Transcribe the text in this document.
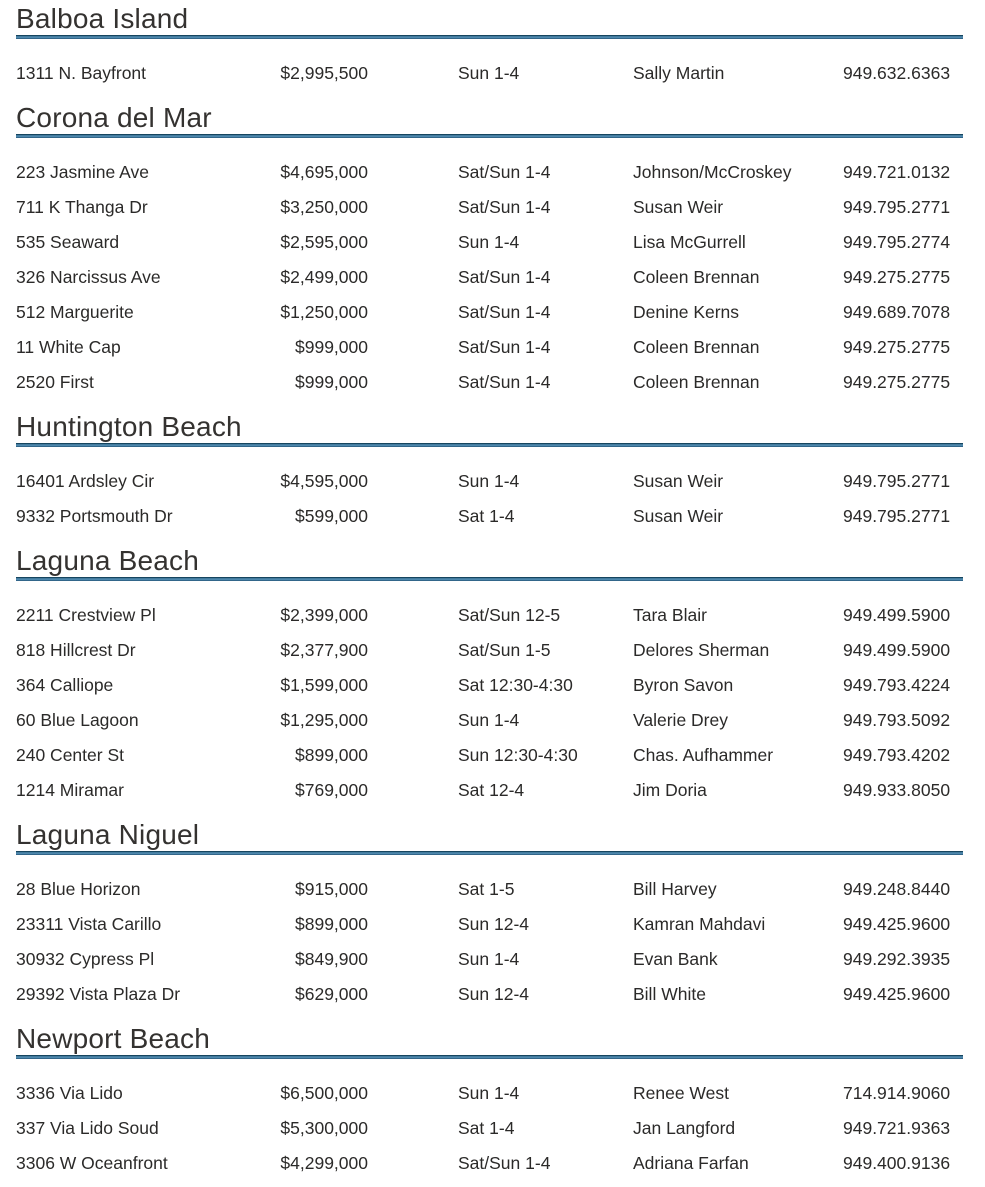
Balboa Island
1311 N. Bayfront	$2,995,500	Sun 1-4	Sally Martin	949.632.6363
Corona del Mar
223 Jasmine Ave	$4,695,000	Sat/Sun 1-4	Johnson/McCroskey	949.721.0132
711 K Thanga Dr	$3,250,000	Sat/Sun 1-4	Susan Weir	949.795.2771
535 Seaward	$2,595,000	Sun 1-4	Lisa McGurrell	949.795.2774
326 Narcissus Ave	$2,499,000	Sat/Sun 1-4	Coleen Brennan	949.275.2775
512 Marguerite	$1,250,000	Sat/Sun 1-4	Denine Kerns	949.689.7078
11 White Cap	$999,000	Sat/Sun 1-4	Coleen Brennan	949.275.2775
2520 First	$999,000	Sat/Sun 1-4	Coleen Brennan	949.275.2775
Huntington Beach
16401 Ardsley Cir	$4,595,000	Sun 1-4	Susan Weir	949.795.2771
9332 Portsmouth Dr	$599,000	Sat 1-4	Susan Weir	949.795.2771
Laguna Beach
2211 Crestview Pl	$2,399,000	Sat/Sun 12-5	Tara Blair	949.499.5900
818 Hillcrest Dr	$2,377,900	Sat/Sun 1-5	Delores Sherman	949.499.5900
364 Calliope	$1,599,000	Sat 12:30-4:30	Byron Savon	949.793.4224
60 Blue Lagoon	$1,295,000	Sun 1-4	Valerie Drey	949.793.5092
240 Center St	$899,000	Sun 12:30-4:30	Chas. Aufhammer	949.793.4202
1214 Miramar	$769,000	Sat 12-4	Jim Doria	949.933.8050
Laguna Niguel
28 Blue Horizon	$915,000	Sat 1-5	Bill Harvey	949.248.8440
23311 Vista Carillo	$899,000	Sun 12-4	Kamran Mahdavi	949.425.9600
30932 Cypress Pl	$849,900	Sun 1-4	Evan Bank	949.292.3935
29392 Vista Plaza Dr	$629,000	Sun 12-4	Bill White	949.425.9600
Newport Beach
3336 Via Lido	$6,500,000	Sun 1-4	Renee West	714.914.9060
337 Via Lido Soud	$5,300,000	Sat 1-4	Jan Langford	949.721.9363
3306 W Oceanfront	$4,299,000	Sat/Sun 1-4	Adriana Farfan	949.400.9136
